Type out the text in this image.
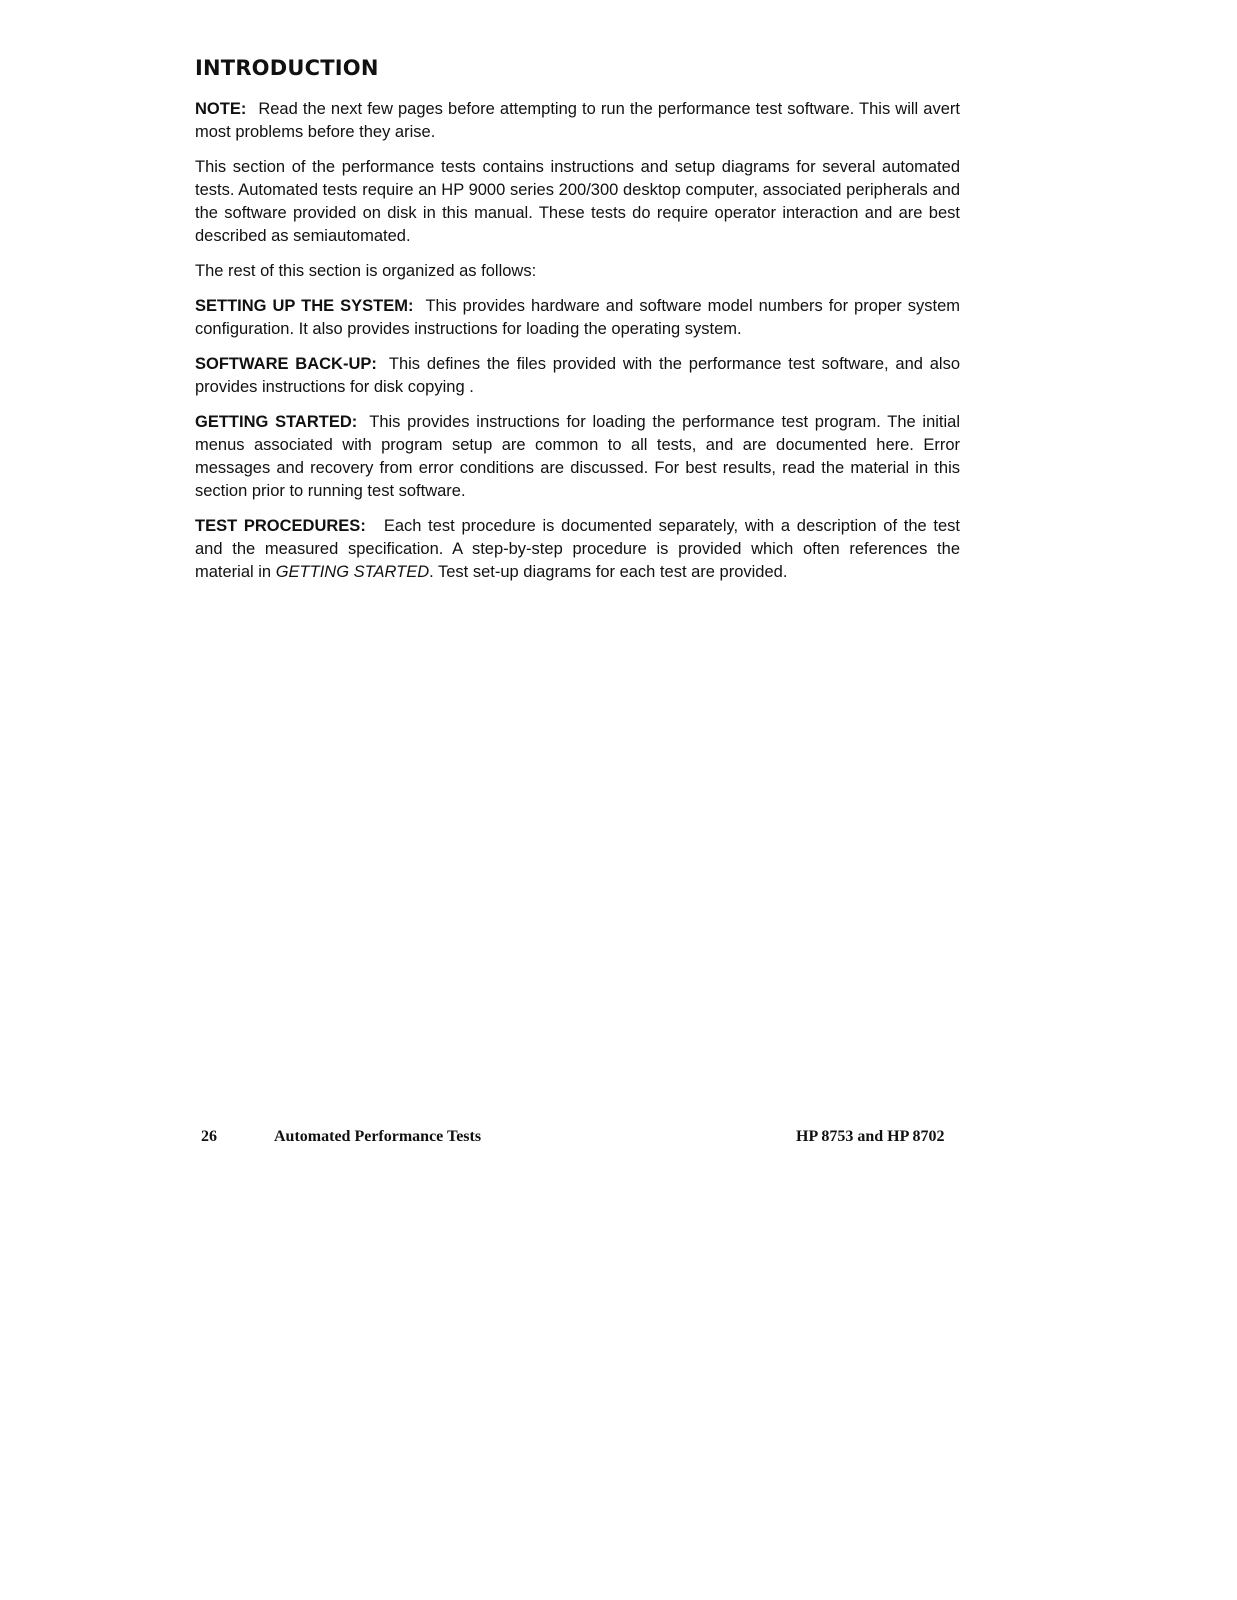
INTRODUCTION

NOTE: Read the next few pages before attempting to run the performance test software. This will avert most problems before they arise.

This section of the performance tests contains instructions and setup diagrams for several automated tests. Automated tests require an HP 9000 series 200/300 desktop computer, associated peripherals and the software provided on disk in this manual. These tests do require operator interaction and are best described as semiautomated.

The rest of this section is organized as follows:

SETTING UP THE SYSTEM: This provides hardware and software model numbers for proper system configuration. It also provides instructions for loading the operating system.

SOFTWARE BACK-UP: This defines the files provided with the performance test software, and also provides instructions for disk copying .

GETTING STARTED: This provides instructions for loading the performance test program. The initial menus associated with program setup are common to all tests, and are documented here. Error messages and recovery from error conditions are discussed. For best results, read the material in this section prior to running test software.

TEST PROCEDURES: Each test procedure is documented separately, with a description of the test and the measured specification. A step-by-step procedure is provided which often references the material in GETTING STARTED. Test set-up diagrams for each test are provided.

26	Automated Performance Tests	HP 8753 and HP 8702
